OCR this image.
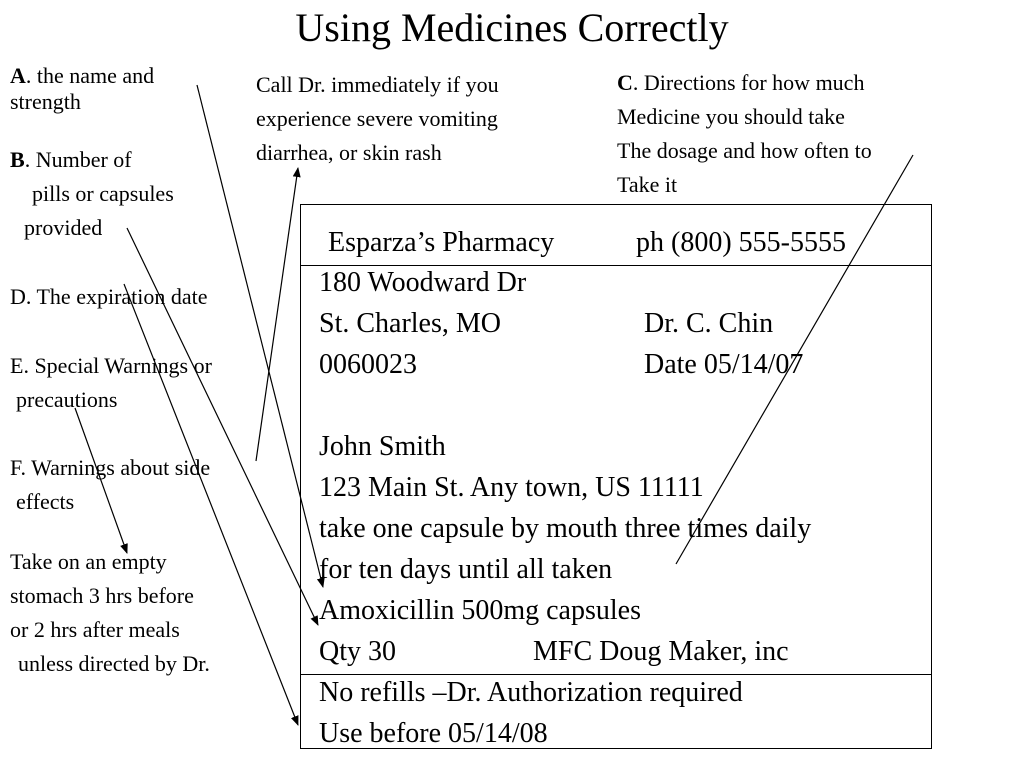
Using Medicines Correctly
A. the name and
strength
B. Number of
pills or capsules
provided
D. The expiration date
E. Special Warnings or
precautions
F. Warnings about side
effects
Take on an empty
stomach 3 hrs before
or 2 hrs after meals
unless directed by Dr.
Call Dr. immediately if you
experience severe vomiting
diarrhea, or skin rash
C. Directions for how much
Medicine you should take
The dosage and how often to
Take it
Esparza’s Pharmacy	ph (800) 555-5555
180 Woodward Dr
St. Charles, MO	Dr. C. Chin
0060023	Date 05/14/07
John Smith
123 Main St. Any town, US 11111
take one capsule by mouth three times daily
for ten days until all taken
Amoxicillin 500mg capsules
Qty 30	MFC Doug Maker, inc
No refills –Dr. Authorization required
Use before 05/14/08
